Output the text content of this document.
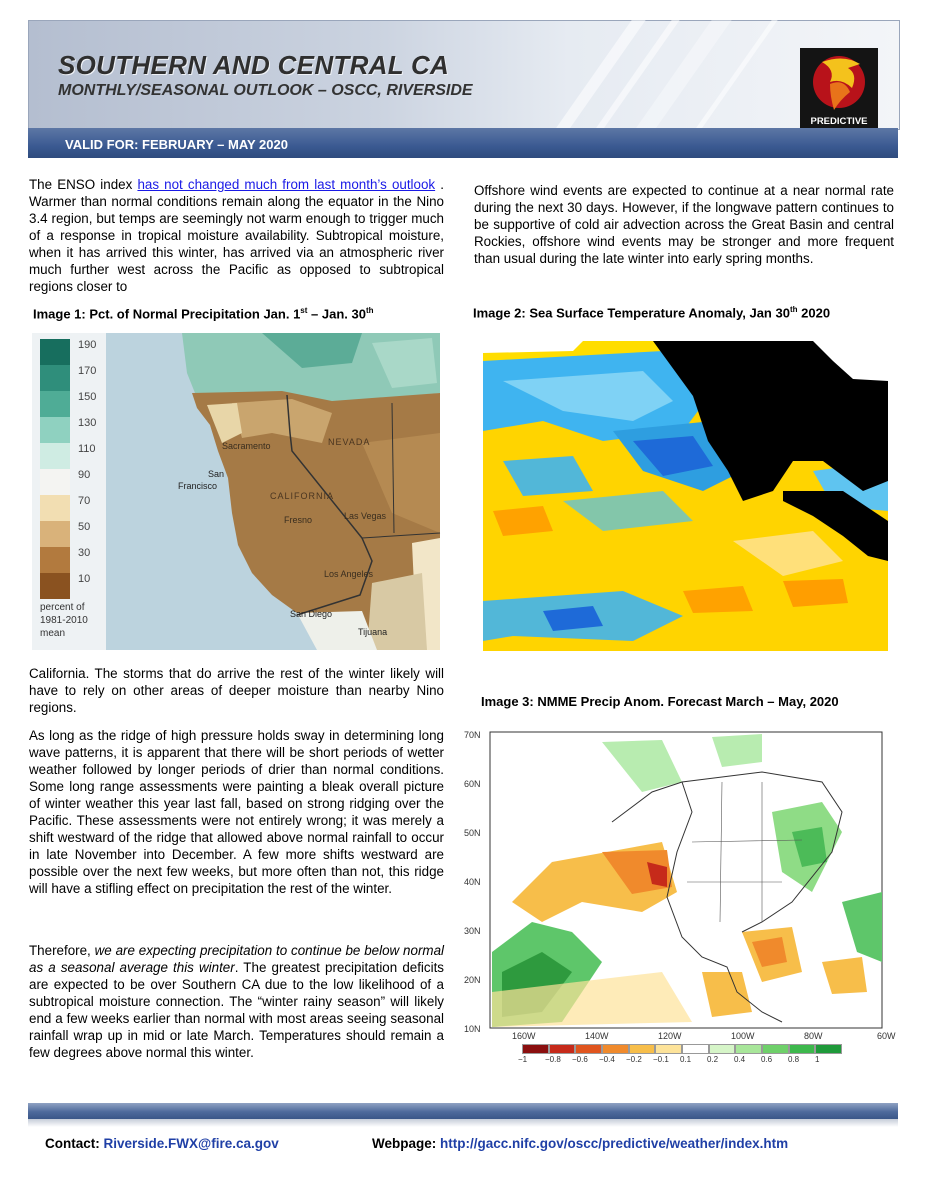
SOUTHERN AND CENTRAL CA
MONTHLY/SEASONAL OUTLOOK – OSCC, RIVERSIDE
PREDICTIVE
VALID FOR: FEBRUARY – MAY 2020

The ENSO index has not changed much from last month’s outlook . Warmer than normal conditions remain along the equator in the Nino 3.4 region, but temps are seemingly not warm enough to trigger much of a response in tropical moisture availability. Subtropical moisture, when it has arrived this winter, has arrived via an atmospheric river much further west across the Pacific as opposed to subtropical regions closer to

Image 1: Pct. of Normal Precipitation Jan. 1st – Jan. 30th
190
170
150
130
110
90
70
50
30
10
percent of
1981-2010
mean
Sacramento
San
Francisco
NEVADA
CALIFORNIA
Fresno	Las Vegas
Los Angeles
San Diego
Tijuana

California. The storms that do arrive the rest of the winter likely will have to rely on other areas of deeper moisture than nearby Nino regions.

As long as the ridge of high pressure holds sway in determining long wave patterns, it is apparent that there will be short periods of wetter weather followed by longer periods of drier than normal conditions. Some long range assessments were painting a bleak overall picture of winter weather this year last fall, based on strong ridging over the Pacific. These assessments were not entirely wrong; it was merely a shift westward of the ridge that allowed above normal rainfall to occur in late November into December. A few more shifts westward are possible over the next few weeks, but more often than not, this ridge will have a stifling effect on precipitation the rest of the winter.

Therefore, we are expecting precipitation to continue be below normal as a seasonal average this winter. The greatest precipitation deficits are expected to be over Southern CA due to the low likelihood of a subtropical moisture connection. The “winter rainy season” will likely end a few weeks earlier than normal with most areas seeing seasonal rainfall wrap up in mid or late March. Temperatures should remain a few degrees above normal this winter.

Offshore wind events are expected to continue at a near normal rate during the next 30 days. However, if the longwave pattern continues to be supportive of cold air advection across the Great Basin and central Rockies, offshore wind events may be stronger and more frequent than usual during the late winter into early spring months.

Image 2: Sea Surface Temperature Anomaly, Jan 30th 2020
Image 3: NMME Precip Anom. Forecast March – May, 2020
70N
60N
50N
40N
30N
20N
10N
160W	140W	120W	100W	80W	60W
−1 −0.8 −0.6 −0.4 −0.2 −0.1 0.1 0.2 0.4 0.6 0.8 1
Contact: Riverside.FWX@fire.ca.gov	Webpage: http://gacc.nifc.gov/oscc/predictive/weather/index.htm
